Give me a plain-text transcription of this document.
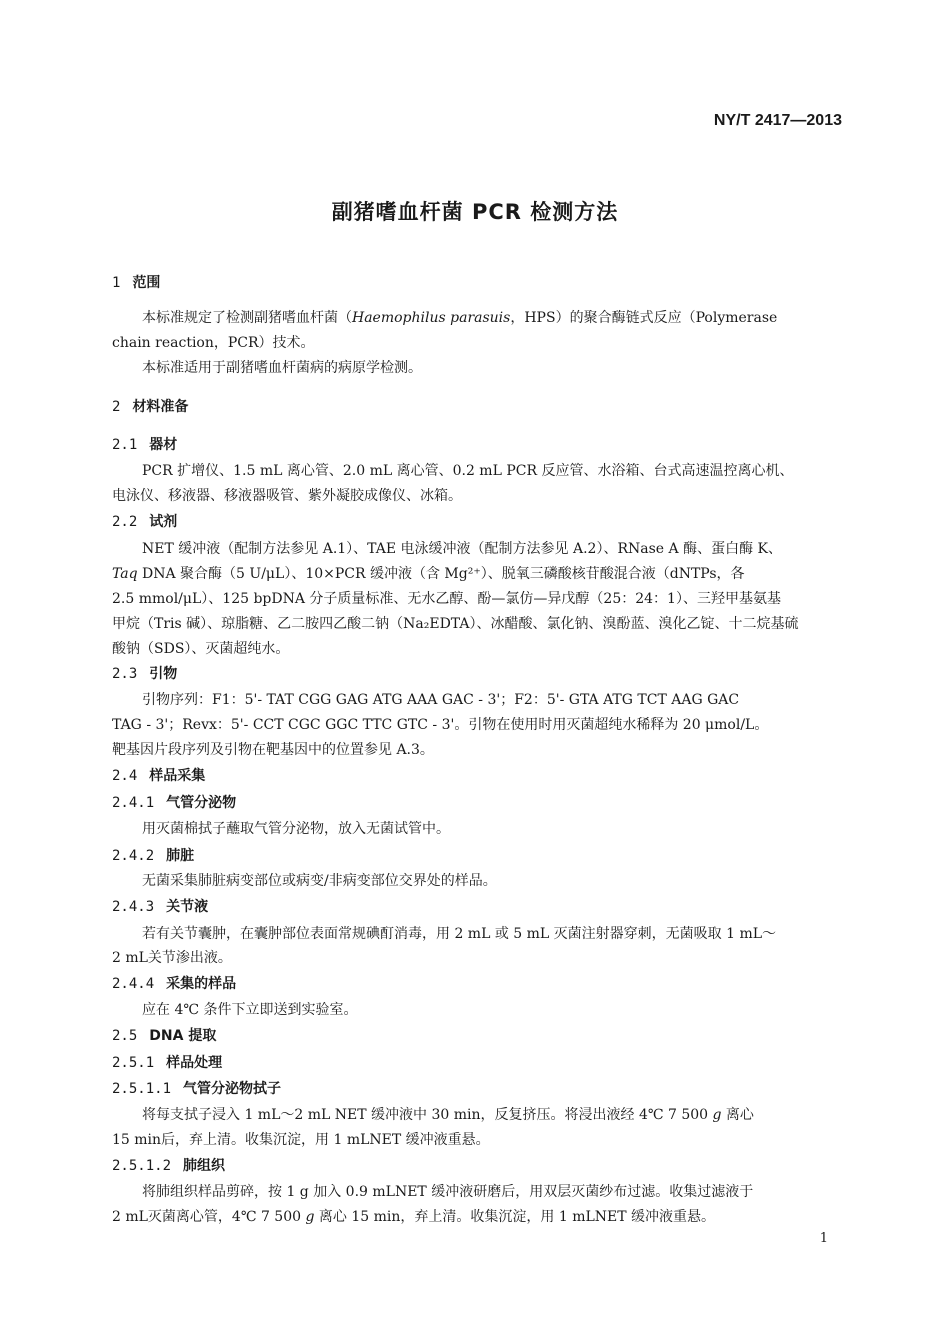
NY/T 2417—2013
副猪嗜血杆菌 PCR 检测方法
1 范围
本标准规定了检测副猪嗜血杆菌（Haemophilus parasuis，HPS）的聚合酶链式反应（Polymerase
chain reaction，PCR）技术。
本标准适用于副猪嗜血杆菌病的病原学检测。
2 材料准备
2.1 器材
PCR 扩增仪、1.5 mL 离心管、2.0 mL 离心管、0.2 mL PCR 反应管、水浴箱、台式高速温控离心机、
电泳仪、移液器、移液器吸管、紫外凝胶成像仪、冰箱。
2.2 试剂
NET 缓冲液（配制方法参见 A.1）、TAE 电泳缓冲液（配制方法参见 A.2）、RNase A 酶、蛋白酶 K、
Taq DNA 聚合酶（5 U/μL）、10×PCR 缓冲液（含 Mg²⁺）、脱氧三磷酸核苷酸混合液（dNTPs，各
2.5 mmol/μL）、125 bpDNA 分子质量标准、无水乙醇、酚—氯仿—异戊醇（25：24：1）、三羟甲基氨基
甲烷（Tris 碱）、琼脂糖、乙二胺四乙酸二钠（Na₂EDTA）、冰醋酸、氯化钠、溴酚蓝、溴化乙锭、十二烷基硫
酸钠（SDS）、灭菌超纯水。
2.3 引物
引物序列：F1：5'- TAT CGG GAG ATG AAA GAC - 3'；F2：5'- GTA ATG TCT AAG GAC
TAG - 3'；Revx：5'- CCT CGC GGC TTC GTC - 3'。引物在使用时用灭菌超纯水稀释为 20 μmol/L。
靶基因片段序列及引物在靶基因中的位置参见 A.3。
2.4 样品采集
2.4.1 气管分泌物
用灭菌棉拭子蘸取气管分泌物，放入无菌试管中。
2.4.2 肺脏
无菌采集肺脏病变部位或病变/非病变部位交界处的样品。
2.4.3 关节液
若有关节囊肿，在囊肿部位表面常规碘酊消毒，用 2 mL 或 5 mL 灭菌注射器穿刺，无菌吸取 1 mL～
2 mL关节渗出液。
2.4.4 采集的样品
应在 4℃ 条件下立即送到实验室。
2.5 DNA 提取
2.5.1 样品处理
2.5.1.1 气管分泌物拭子
将每支拭子浸入 1 mL～2 mL NET 缓冲液中 30 min，反复挤压。将浸出液经 4℃ 7 500 g 离心
15 min后，弃上清。收集沉淀，用 1 mLNET 缓冲液重悬。
2.5.1.2 肺组织
将肺组织样品剪碎，按 1 g 加入 0.9 mLNET 缓冲液研磨后，用双层灭菌纱布过滤。收集过滤液于
2 mL灭菌离心管，4℃ 7 500 g 离心 15 min，弃上清。收集沉淀，用 1 mLNET 缓冲液重悬。
1
